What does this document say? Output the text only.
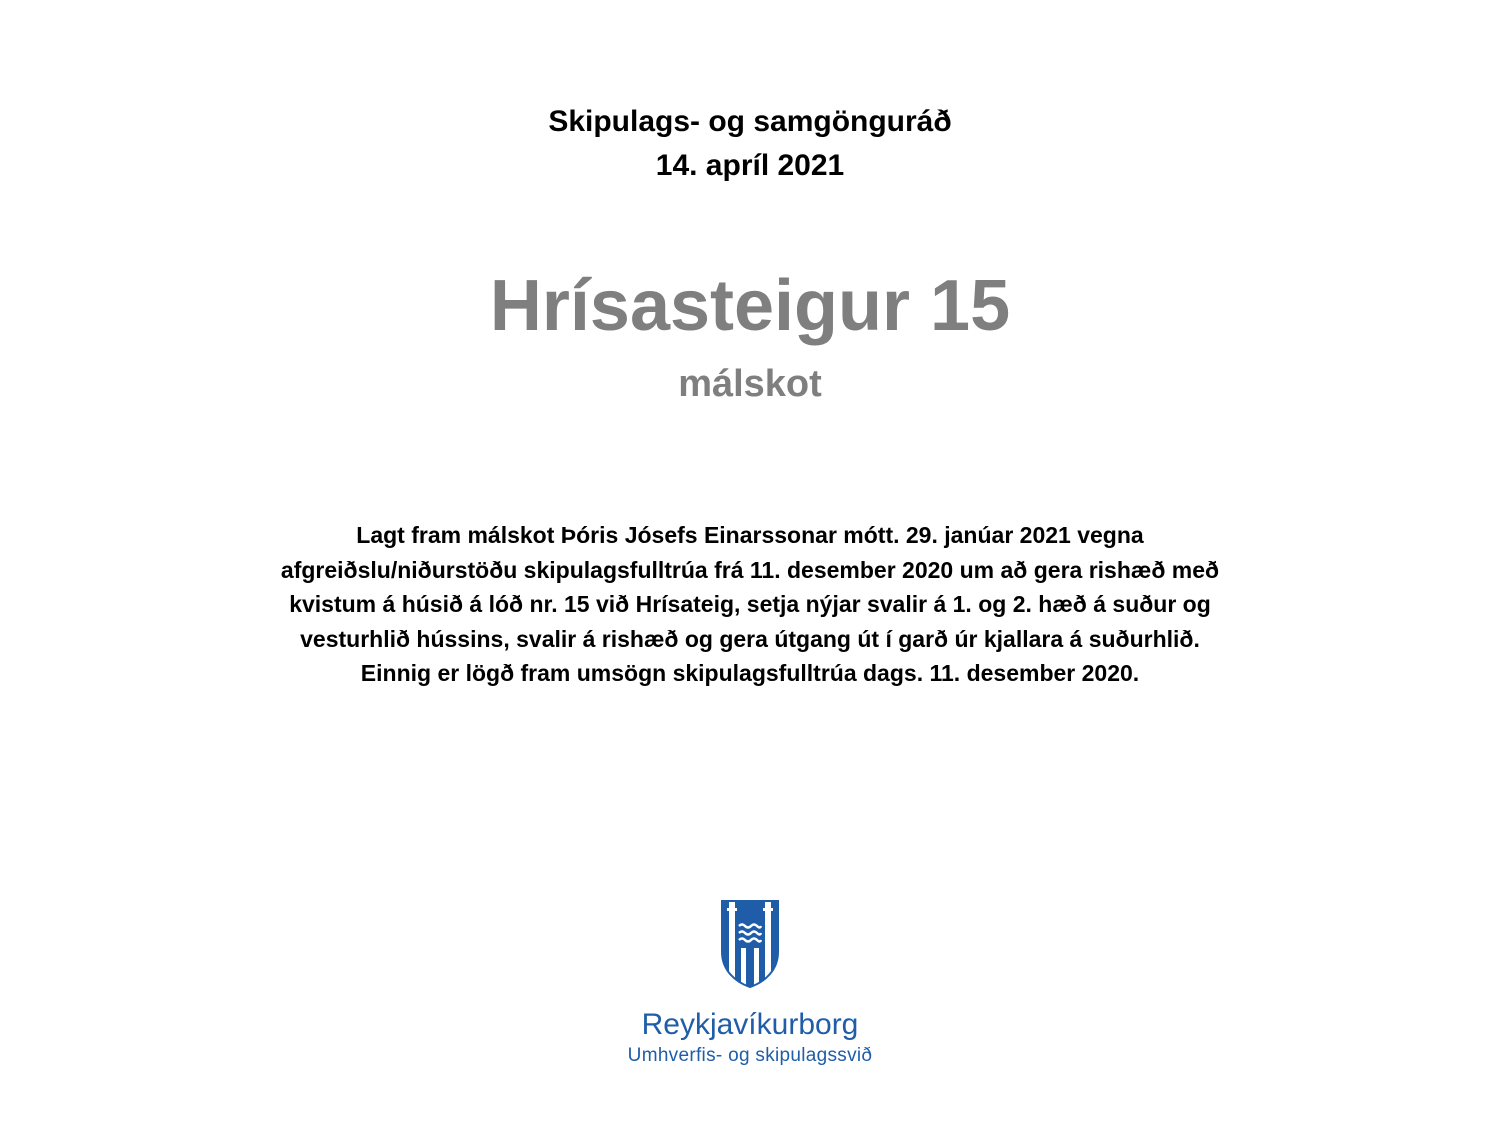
Skipulags- og samgönguráð
14. apríl 2021
Hrísasteigur 15
málskot
Lagt fram málskot Þóris Jósefs Einarssonar mótt. 29. janúar 2021 vegna
afgreiðslu/niðurstöðu skipulagsfulltrúa frá 11. desember 2020 um að gera rishæð með
kvistum á húsið á lóð nr. 15 við Hrísateig, setja nýjar svalir á 1. og 2. hæð á suður og
vesturhlið hússins, svalir á rishæð og gera útgang út í garð úr kjallara á suðurhlið.
Einnig er lögð fram umsögn skipulagsfulltrúa dags. 11. desember 2020.
Reykjavíkurborg
Umhverfis- og skipulagssvið
